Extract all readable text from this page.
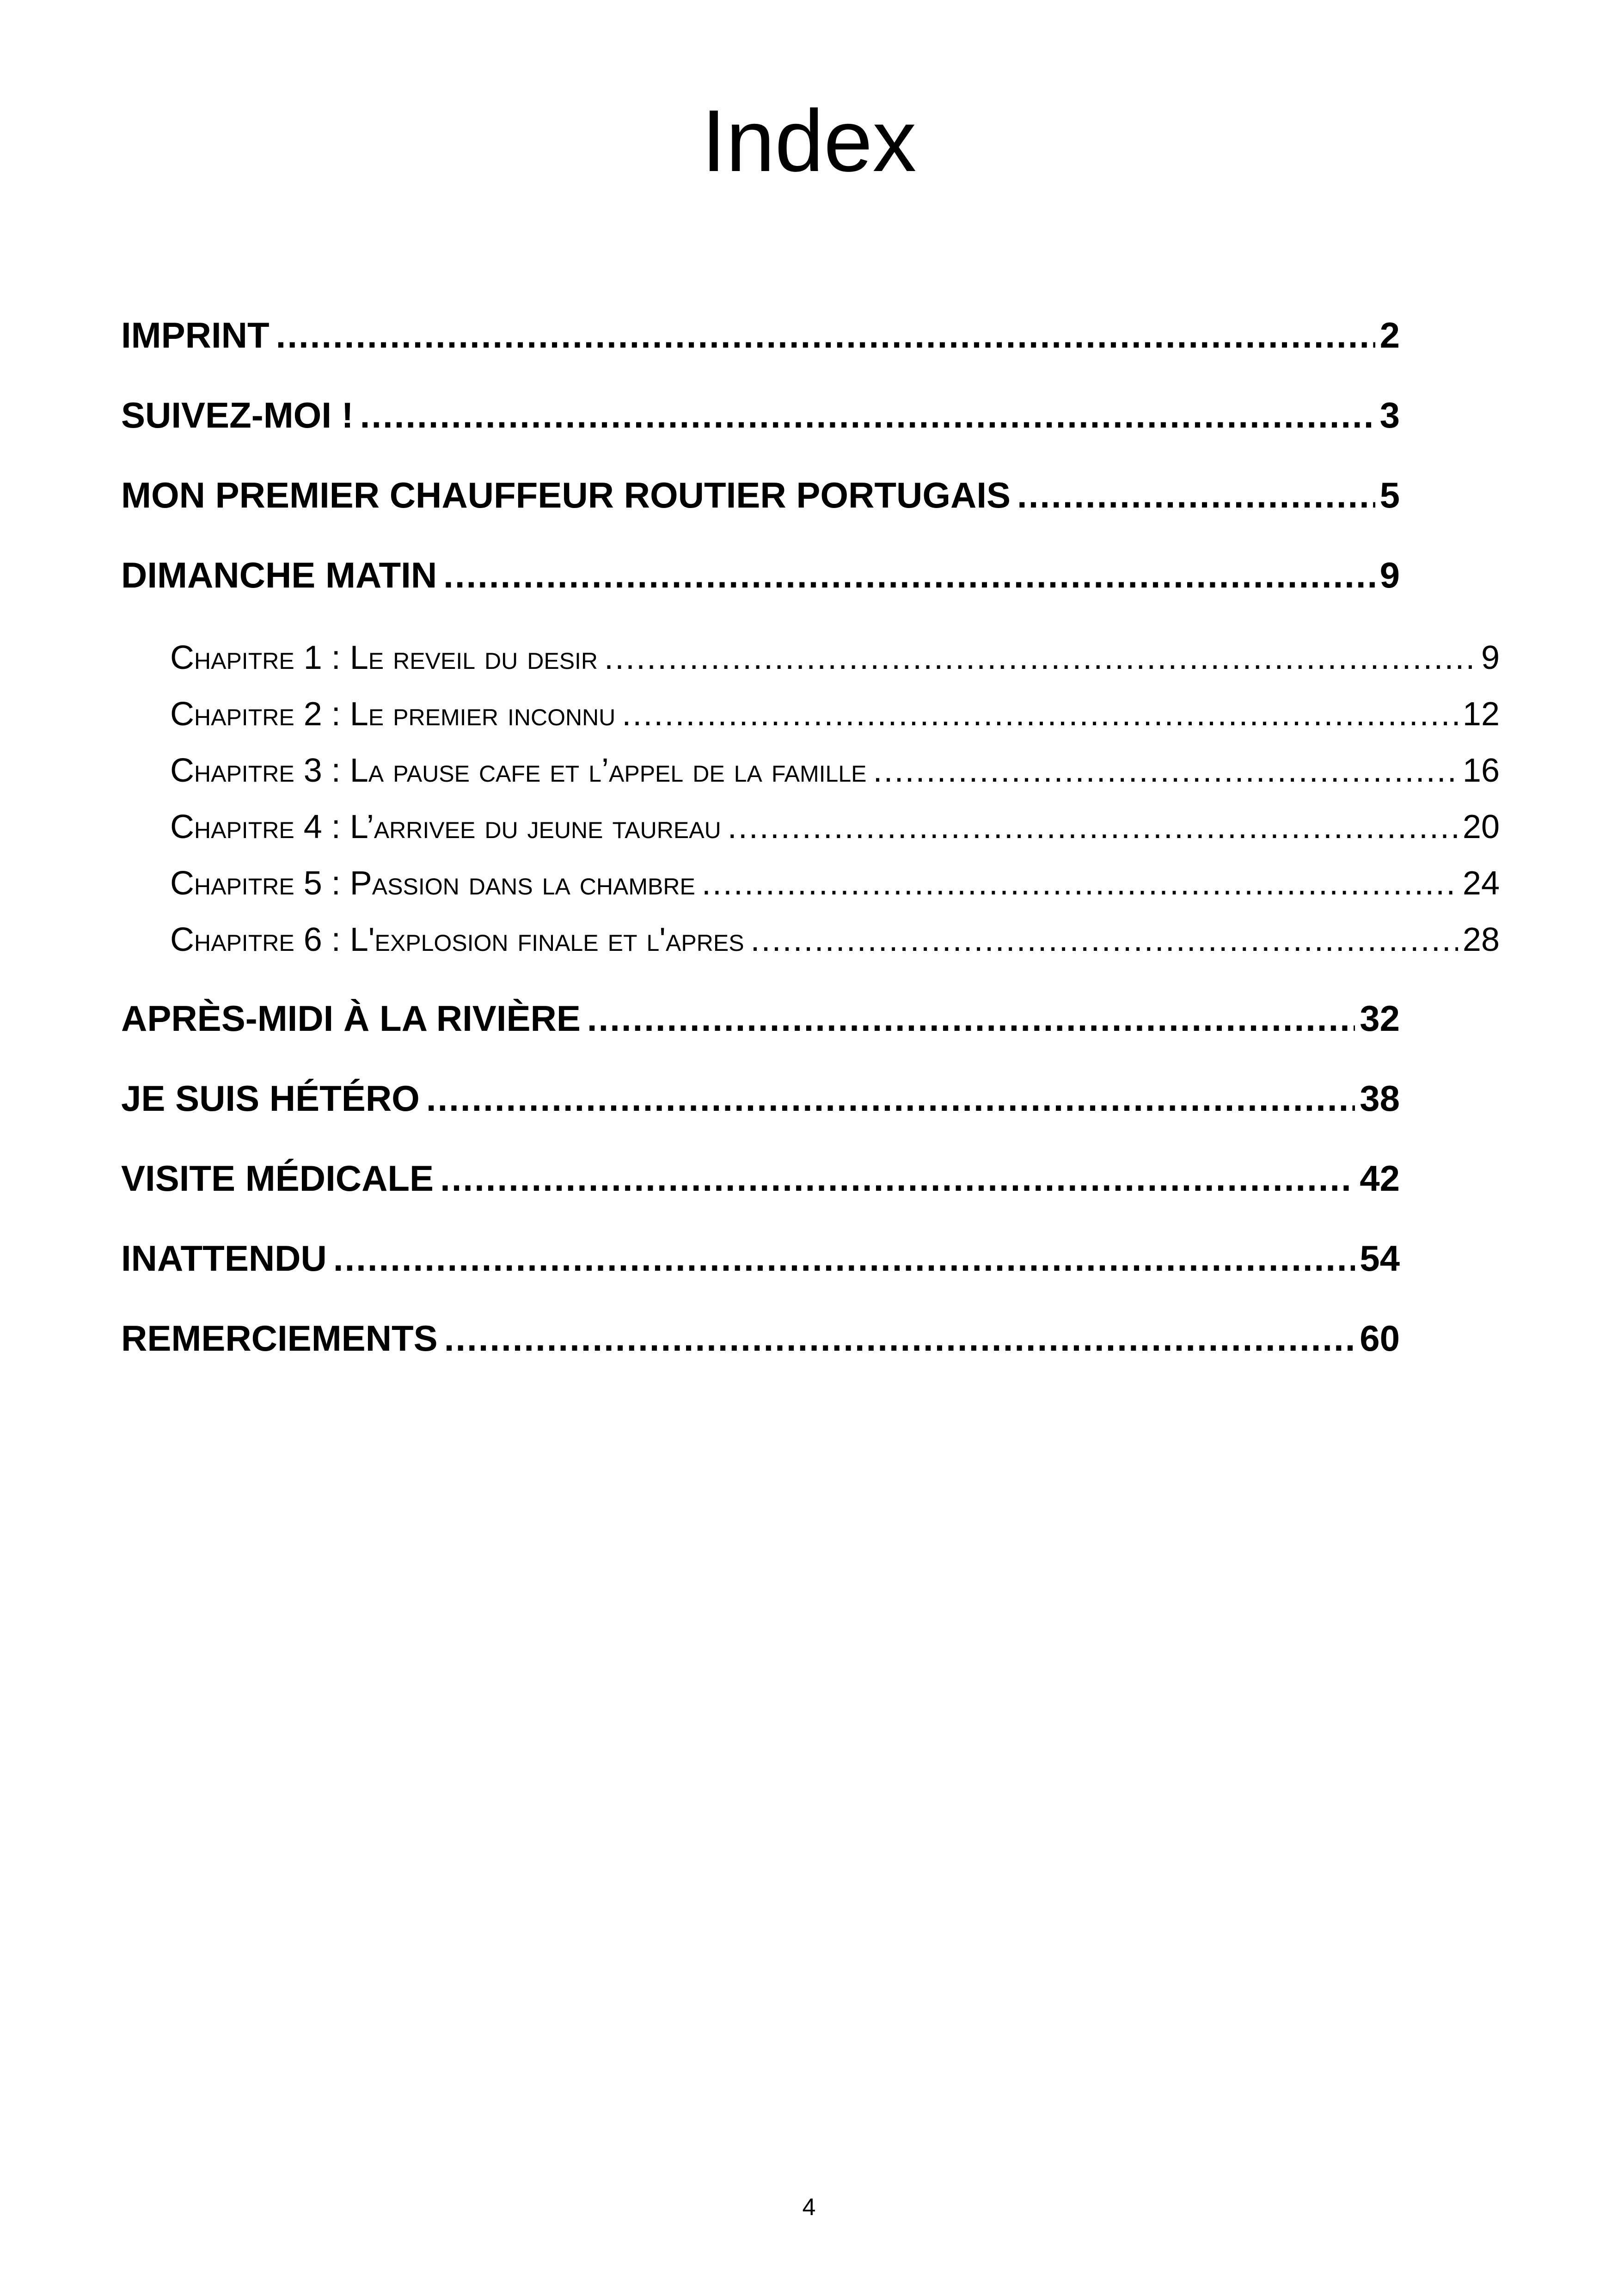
Index
IMPRINT .....	2
SUIVEZ-MOI ! .....	3
MON PREMIER CHAUFFEUR ROUTIER PORTUGAIS .....	5
DIMANCHE MATIN .....	9
Chapitre 1 : Le reveil du desir .....	9
Chapitre 2 : Le premier inconnu .....	12
Chapitre 3 : La pause cafe et l’appel de la famille .....	16
Chapitre 4 : L’arrivee du jeune taureau .....	20
Chapitre 5 : Passion dans la chambre .....	24
Chapitre 6 : L'explosion finale et l'apres .....	28
APRÈS-MIDI À LA RIVIÈRE .....	32
JE SUIS HÉTÉRO .....	38
VISITE MÉDICALE .....	42
INATTENDU .....	54
REMERCIEMENTS .....	60
4
